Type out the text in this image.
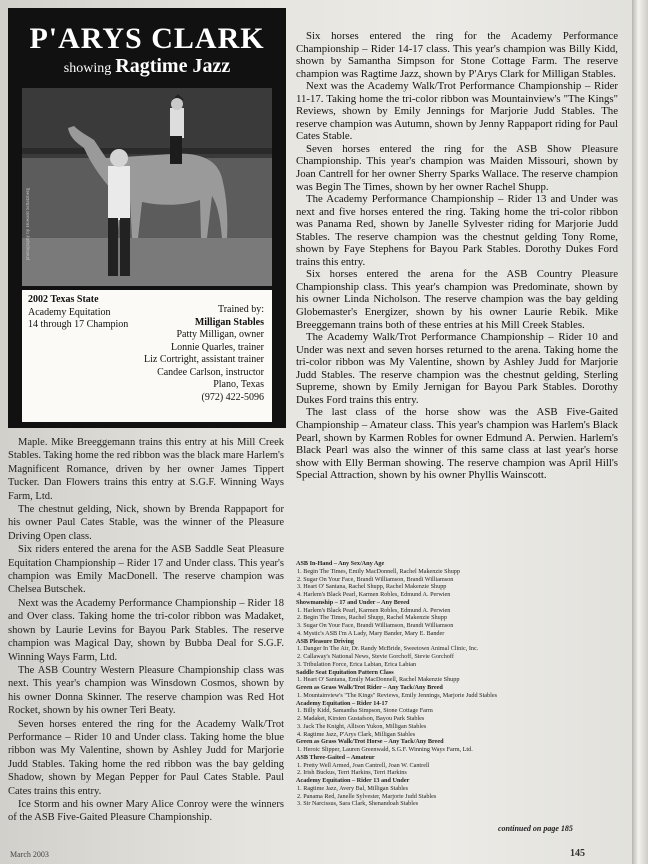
P'ARYS CLARK
showing Ragtime Jazz
photography by Howard Schatzberg
2002 Texas State
Academy Equitation
14 through 17 Champion
Trained by:
Milligan Stables
Patty Milligan, owner
Lonnie Quarles, trainer
Liz Cortright, assistant trainer
Candee Carlson, instructor
Plano, Texas
(972) 422-5096

Maple. Mike Breeggemann trains this entry at his Mill Creek Stables. Taking home the red ribbon was the black mare Harlem's Magnificent Romance, driven by her owner James Tippert Tucker. Dan Flowers trains this entry at S.G.F. Winning Ways Farm, Ltd.

The chestnut gelding, Nick, shown by Brenda Rappaport for his owner Paul Cates Stable, was the winner of the Pleasure Driving Open class.

Six riders entered the arena for the ASB Saddle Seat Pleasure Equitation Championship – Rider 17 and Under class. This year's champion was Emily MacDonell. The reserve champion was Chelsea Butschek.

Next was the Academy Performance Championship – Rider 18 and Over class. Taking home the tri-color ribbon was Madaket, shown by Laurie Levins for Bayou Park Stables. The reserve champion was Magical Day, shown by Bubba Deal for S.G.F. Winning Ways Farm, Ltd.

The ASB Country Western Pleasure Championship class was next. This year's champion was Winsdown Cosmos, shown by his owner Donna Skinner. The reserve champion was Red Hot Rocket, shown by his owner Teri Beaty.

Seven horses entered the ring for the Academy Walk/Trot Performance – Rider 10 and Under class. Taking home the blue ribbon was My Valentine, shown by Ashley Judd for Marjorie Judd Stables. Taking home the red ribbon was the bay gelding Shadow, shown by Megan Pepper for Paul Cates Stable. Paul Cates trains this entry.

Ice Storm and his owner Mary Alice Conroy were the winners of the ASB Five-Gaited Pleasure Championship.

Six horses entered the ring for the Academy Performance Championship – Rider 14-17 class. This year's champion was Billy Kidd, shown by Samantha Simpson for Stone Cottage Farm. The reserve champion was Ragtime Jazz, shown by P'Arys Clark for Milligan Stables.

Next was the Academy Walk/Trot Performance Championship – Rider 11-17. Taking home the tri-color ribbon was Mountainview's "The Kings" Reviews, shown by Emily Jennings for Marjorie Judd Stables. The reserve champion was Autumn, shown by Jenny Rappaport riding for Paul Cates Stable.

Seven horses entered the ring for the ASB Show Pleasure Championship. This year's champion was Maiden Missouri, shown by Joan Cantrell for her owner Sherry Sparks Wallace. The reserve champion was Begin The Times, shown by her owner Rachel Shupp.

The Academy Performance Championship – Rider 13 and Under was next and five horses entered the ring. Taking home the tri-color ribbon was Panama Red, shown by Janelle Sylvester riding for Marjorie Judd Stables. The reserve champion was the chestnut gelding Tony Rome, shown by Faye Stephens for Bayou Park Stables. Dorothy Dukes Ford trains this entry.

Six horses entered the arena for the ASB Country Pleasure Championship class. This year's champion was Predominate, shown by his owner Linda Nicholson. The reserve champion was the bay gelding Globemaster's Energizer, shown by his owner Laurie Rebik. Mike Breeggemann trains both of these entries at his Mill Creek Stables.

The Academy Walk/Trot Performance Championship – Rider 10 and Under was next and seven horses returned to the arena. Taking home the tri-color ribbon was My Valentine, shown by Ashley Judd for Marjorie Judd Stables. The reserve champion was the chestnut gelding, Sterling Supreme, shown by Emily Jernigan for Bayou Park Stables. Dorothy Dukes Ford trains this entry.

The last class of the horse show was the ASB Five-Gaited Championship – Amateur class. This year's champion was Harlem's Black Pearl, shown by Karmen Robles for owner Edmund A. Perwien. Harlem's Black Pearl was also the winner of this same class at last year's horse show with Elly Berman showing. The reserve champion was April Hill's Special Attraction, shown by his owner Phyllis Wainscott.

ASB In-Hand – Any Sex/Any Age
1. Begin The Times, Emily MacDonnell, Rachel Makenzie Shupp
2. Sugar On Your Face, Brandi Williamson, Brandi Williamson
3. Heart O' Santana, Rachel Shupp, Rachel Makenzie Shupp
4. Harlem's Black Pearl, Karmen Robles, Edmund A. Perwien
Showmanship – 17 and Under – Any Breed
1. Harlem's Black Pearl, Karmen Robles, Edmund A. Perwien
2. Begin The Times, Rachel Shupp, Rachel Makenzie Shupp
3. Sugar On Your Face, Brandi Williamson, Brandi Williamson
4. Mystic's ASB I'm A Lady, Mary Bander, Mary E. Bander
ASB Pleasure Driving
1. Danger In The Air, Dr. Randy McBride, Sweetown Animal Clinic, Inc.
2. Callaway's National News, Stevie Gorchoff, Stevie Gorchoff
3. Tribulation Force, Erica Labian, Erica Labian
Saddle Seat Equitation Pattern Class
1. Heart O' Santana, Emily MacDonnell, Rachel Makenzie Shupp
Green as Grass Walk/Trot Rider – Any Tack/Any Breed
1. Mountainview's "The Kings" Reviews, Emily Jennings, Marjorie Judd Stables
Academy Equitation – Rider 14-17
1. Billy Kidd, Samantha Simpson, Stone Cottage Farm
2. Madaket, Kirsten Gustafson, Bayou Park Stables
3. Jack The Knight, Allison Yukon, Milligan Stables
4. Ragtime Jazz, P'Arys Clark, Milligan Stables
Green as Grass Walk/Trot Horse – Any Tack/Any Breed
1. Heroic Slipper, Lauren Greenwald, S.G.F. Winning Ways Farm, Ltd.
ASB Three-Gaited – Amateur
1. Pretty Well Armed, Joan Cantrell, Joan W. Cantrell
2. Irish Buckus, Terri Harkins, Terri Harkins
Academy Equitation – Rider 13 and Under
1. Ragtime Jazz, Avery Bal, Milligan Stables
2. Panama Red, Janelle Sylvester, Marjorie Judd Stables
3. Sir Narcissus, Sara Clark, Shenandoah Stables
continued on page 185
145
March 2003
